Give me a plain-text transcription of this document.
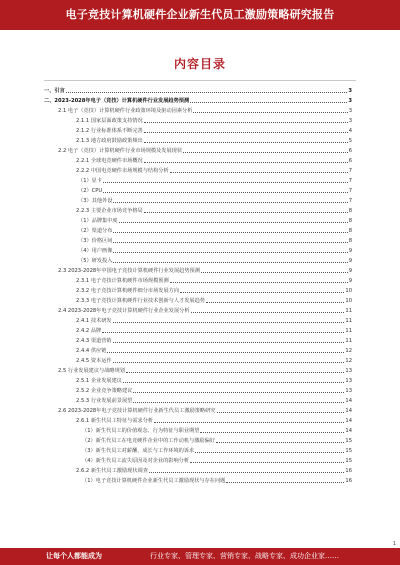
电子竞技计算机硬件企业新生代员工激励策略研究报告
内容目录
一、引言	3
二、2023-2028年电子（竞技）计算机硬件行业发展趋势预测	3
2.1 电子（竞技）计算机硬件行业政策环境及驱动因素分析	3
2.1.1 国家层面政策支持情况	3
2.1.2 行业标准体系不断完善	4
2.1.3 地方政府鼓励政策频出	5
2.2 电子（竞技）计算机硬件行业市场规模及发展现状	6
2.2.1 全球电竞硬件市场概况	6
2.2.2 中国电竞硬件市场规模与结构分析	7
（1）显卡	7
（2）CPU	7
（3）其他外设	7
2.2.3 主要企业市场竞争格局	8
（1）品牌集中度	8
（2）渠道分布	8
（3）价格区间	8
（4）用户画像	9
（5）研发投入	9
2.3 2023-2028年中国电子竞技计算机硬件行业发展趋势预测	9
2.3.1 电子竞技计算机硬件市场规模预测	9
2.3.2 电子竞技计算机硬件细分市场发展方向	10
2.3.3 电子竞技计算机硬件行业技术创新与人才发展趋势	10
2.4 2023-2028年电子竞技计算机硬件行业企业发展分析	11
2.4.1 技术研发	11
2.4.2 品牌	11
2.4.3 渠道营销	11
2.4.4 供应链	12
2.4.5 资本运作	12
2.5 行业发展建议与战略规划	13
2.5.1 企业发展建议	13
2.5.2 企业竞争策略建议	13
2.5.3 行业发展前景展望	14
2.6 2023-2028年电子竞技计算机硬件行业新生代员工激励策略研究	14
2.6.1 新生代员工特征与需求分析	14
（1）新生代员工的价值观念、行为特征与职业期望	14
（2）新生代员工在电竞硬件企业中的工作动机与激励偏好	15
（3）新生代员工对薪酬、成长与工作环境的诉求	15
（4）新生代员工流失原因及对企业的影响分析	15
2.6.2 新生代员工激励现状调查	16
（1）电子竞技计算机硬件企业新生代员工激励现状与存在问题	16
1
让每个人都能成为	行业专家、管理专家、营销专家、战略专家、成功企业家……
